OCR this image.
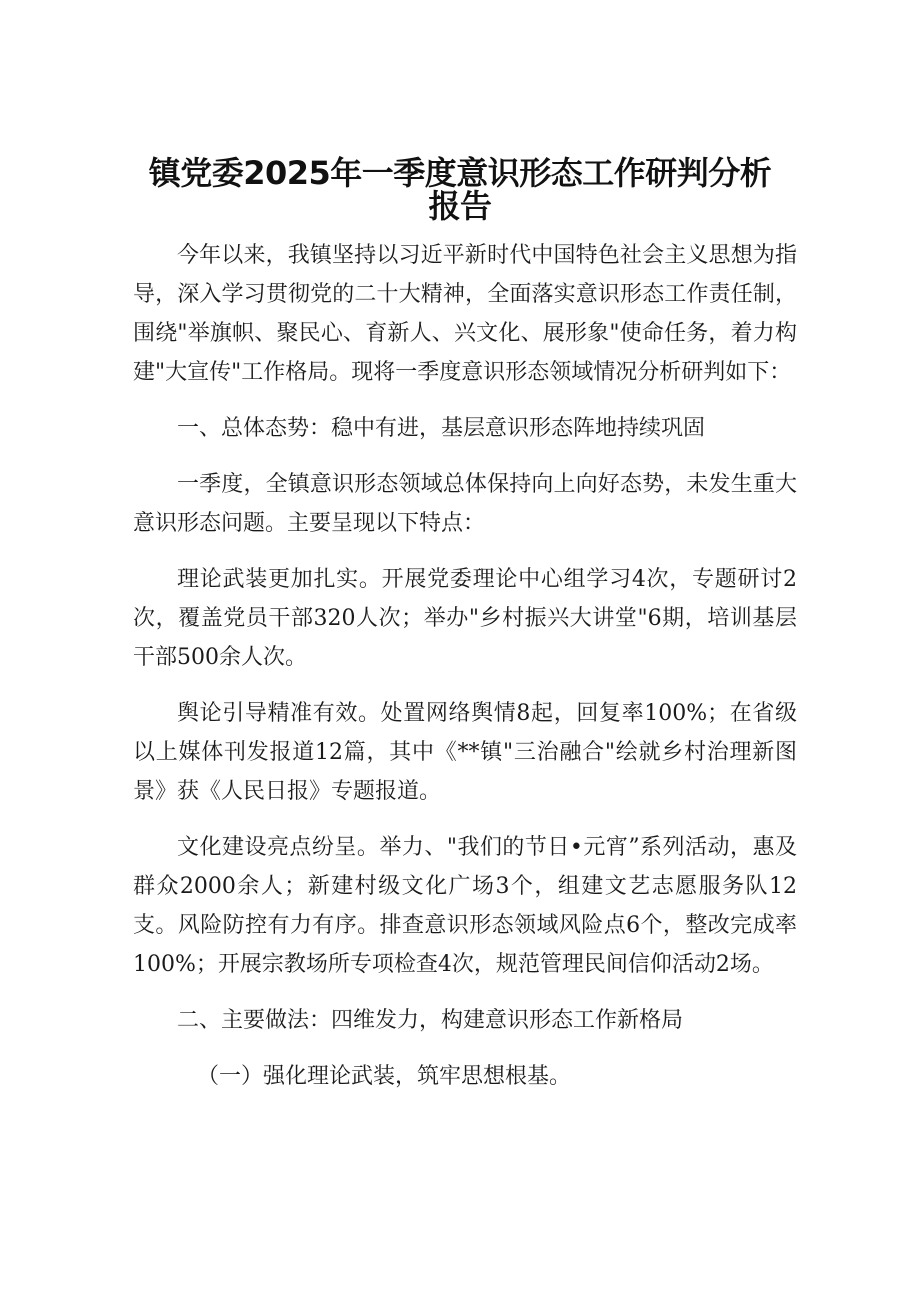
镇党委2025年一季度意识形态工作研判分析报告

今年以来，我镇坚持以习近平新时代中国特色社会主义思想为指导，深入学习贯彻党的二十大精神，全面落实意识形态工作责任制，围绕"举旗帜、聚民心、育新人、兴文化、展形象"使命任务，着力构建"大宣传"工作格局。现将一季度意识形态领域情况分析研判如下：

一、总体态势：稳中有进，基层意识形态阵地持续巩固

一季度，全镇意识形态领域总体保持向上向好态势，未发生重大意识形态问题。主要呈现以下特点：

理论武装更加扎实。开展党委理论中心组学习4次，专题研讨2次，覆盖党员干部320人次；举办"乡村振兴大讲堂"6期，培训基层干部500余人次。

舆论引导精准有效。处置网络舆情8起，回复率100%；在省级以上媒体刊发报道12篇，其中《**镇"三治融合"绘就乡村治理新图景》获《人民日报》专题报道。

文化建设亮点纷呈。举力、"我们的节日•元宵”系列活动，惠及群众2000余人；新建村级文化广场3个，组建文艺志愿服务队12支。风险防控有力有序。排查意识形态领域风险点6个，整改完成率100%；开展宗教场所专项检查4次，规范管理民间信仰活动2场。

二、主要做法：四维发力，构建意识形态工作新格局

（一）强化理论武装，筑牢思想根基。
